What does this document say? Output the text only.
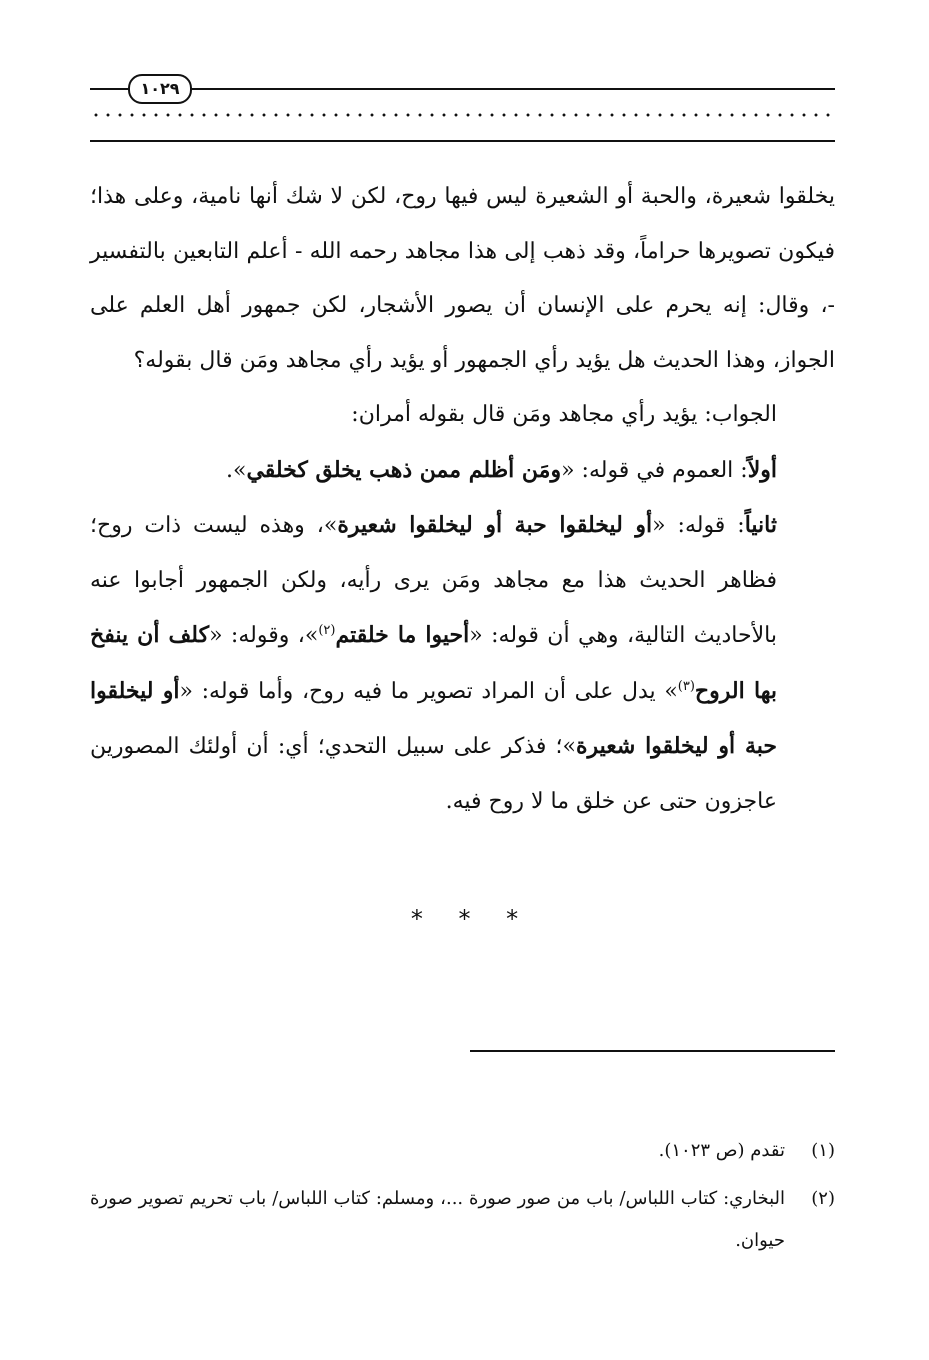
١٠٢٩

يخلقوا شعيرة، والحبة أو الشعيرة ليس فيها روح، لكن لا شك أنها نامية، وعلى هذا؛ فيكون تصويرها حراماً، وقد ذهب إلى هذا مجاهد رحمه الله - أعلم التابعين بالتفسير -، وقال: إنه يحرم على الإنسان أن يصور الأشجار، لكن جمهور أهل العلم على الجواز، وهذا الحديث هل يؤيد رأي الجمهور أو يؤيد رأي مجاهد ومَن قال بقوله؟

الجواب: يؤيد رأي مجاهد ومَن قال بقوله أمران:

أولاً: العموم في قوله: «ومَن أظلم ممن ذهب يخلق كخلقي».

ثانياً: قوله: «أو ليخلقوا حبة أو ليخلقوا شعيرة»، وهذه ليست ذات روح؛ فظاهر الحديث هذا مع مجاهد ومَن يرى رأيه، ولكن الجمهور أجابوا عنه بالأحاديث التالية، وهي أن قوله: «أحيوا ما خلقتم$^{(٢)}$»، وقوله: «كلف أن ينفخ بها الروح$^{(٣)}$» يدل على أن المراد تصوير ما فيه روح، وأما قوله: «أو ليخلقوا حبة أو ليخلقوا شعيرة»؛ فذكر على سبيل التحدي؛ أي: أن أولئك المصورين عاجزون حتى عن خلق ما لا روح فيه.

* * *
(١)
تقدم (ص ١٠٢٣).
(٢)
البخاري: كتاب اللباس/ باب من صور صورة ...، ومسلم: كتاب اللباس/ باب تحريم تصوير صورة حيوان.
